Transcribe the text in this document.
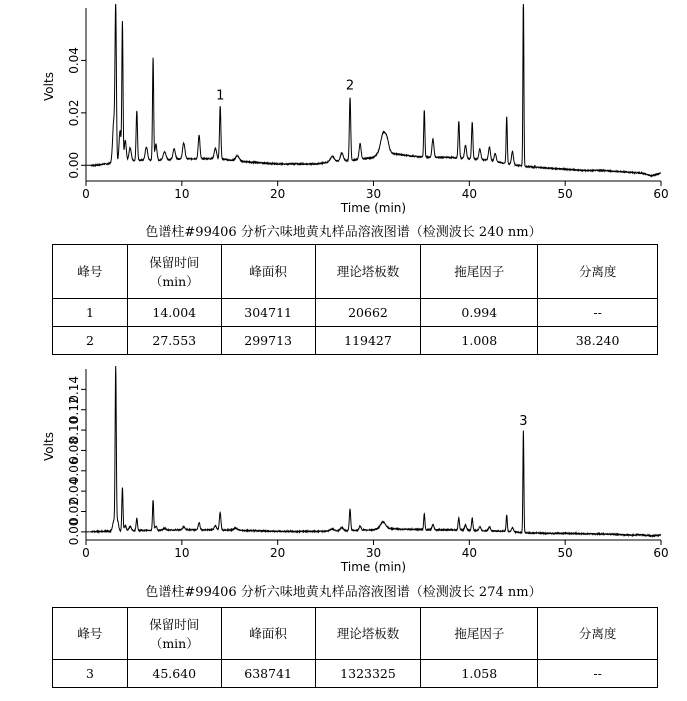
0	10	20	30	40	50	60
0.00
0.02
0.04
Time (min)
Volts	1
2
色谱柱#99406 分析六味地黄丸样品溶液图谱（检测波长 240 nm）
峰号	保留时间
（min）	峰面积	理论塔板数	拖尾因子	分离度
1	14.004	304711	20662	0.994	--
2	27.553	299713	119427	1.008	38.240
0	10	20	30	40	50	60
0.00
0.02
0.04
0.06
0.08
0.10
0.12
0.14
Time (min)
Volts
3
色谱柱#99406 分析六味地黄丸样品溶液图谱（检测波长 274 nm）
峰号	保留时间
（min）	峰面积	理论塔板数	拖尾因子	分离度
3	45.640	638741	1323325	1.058	--
